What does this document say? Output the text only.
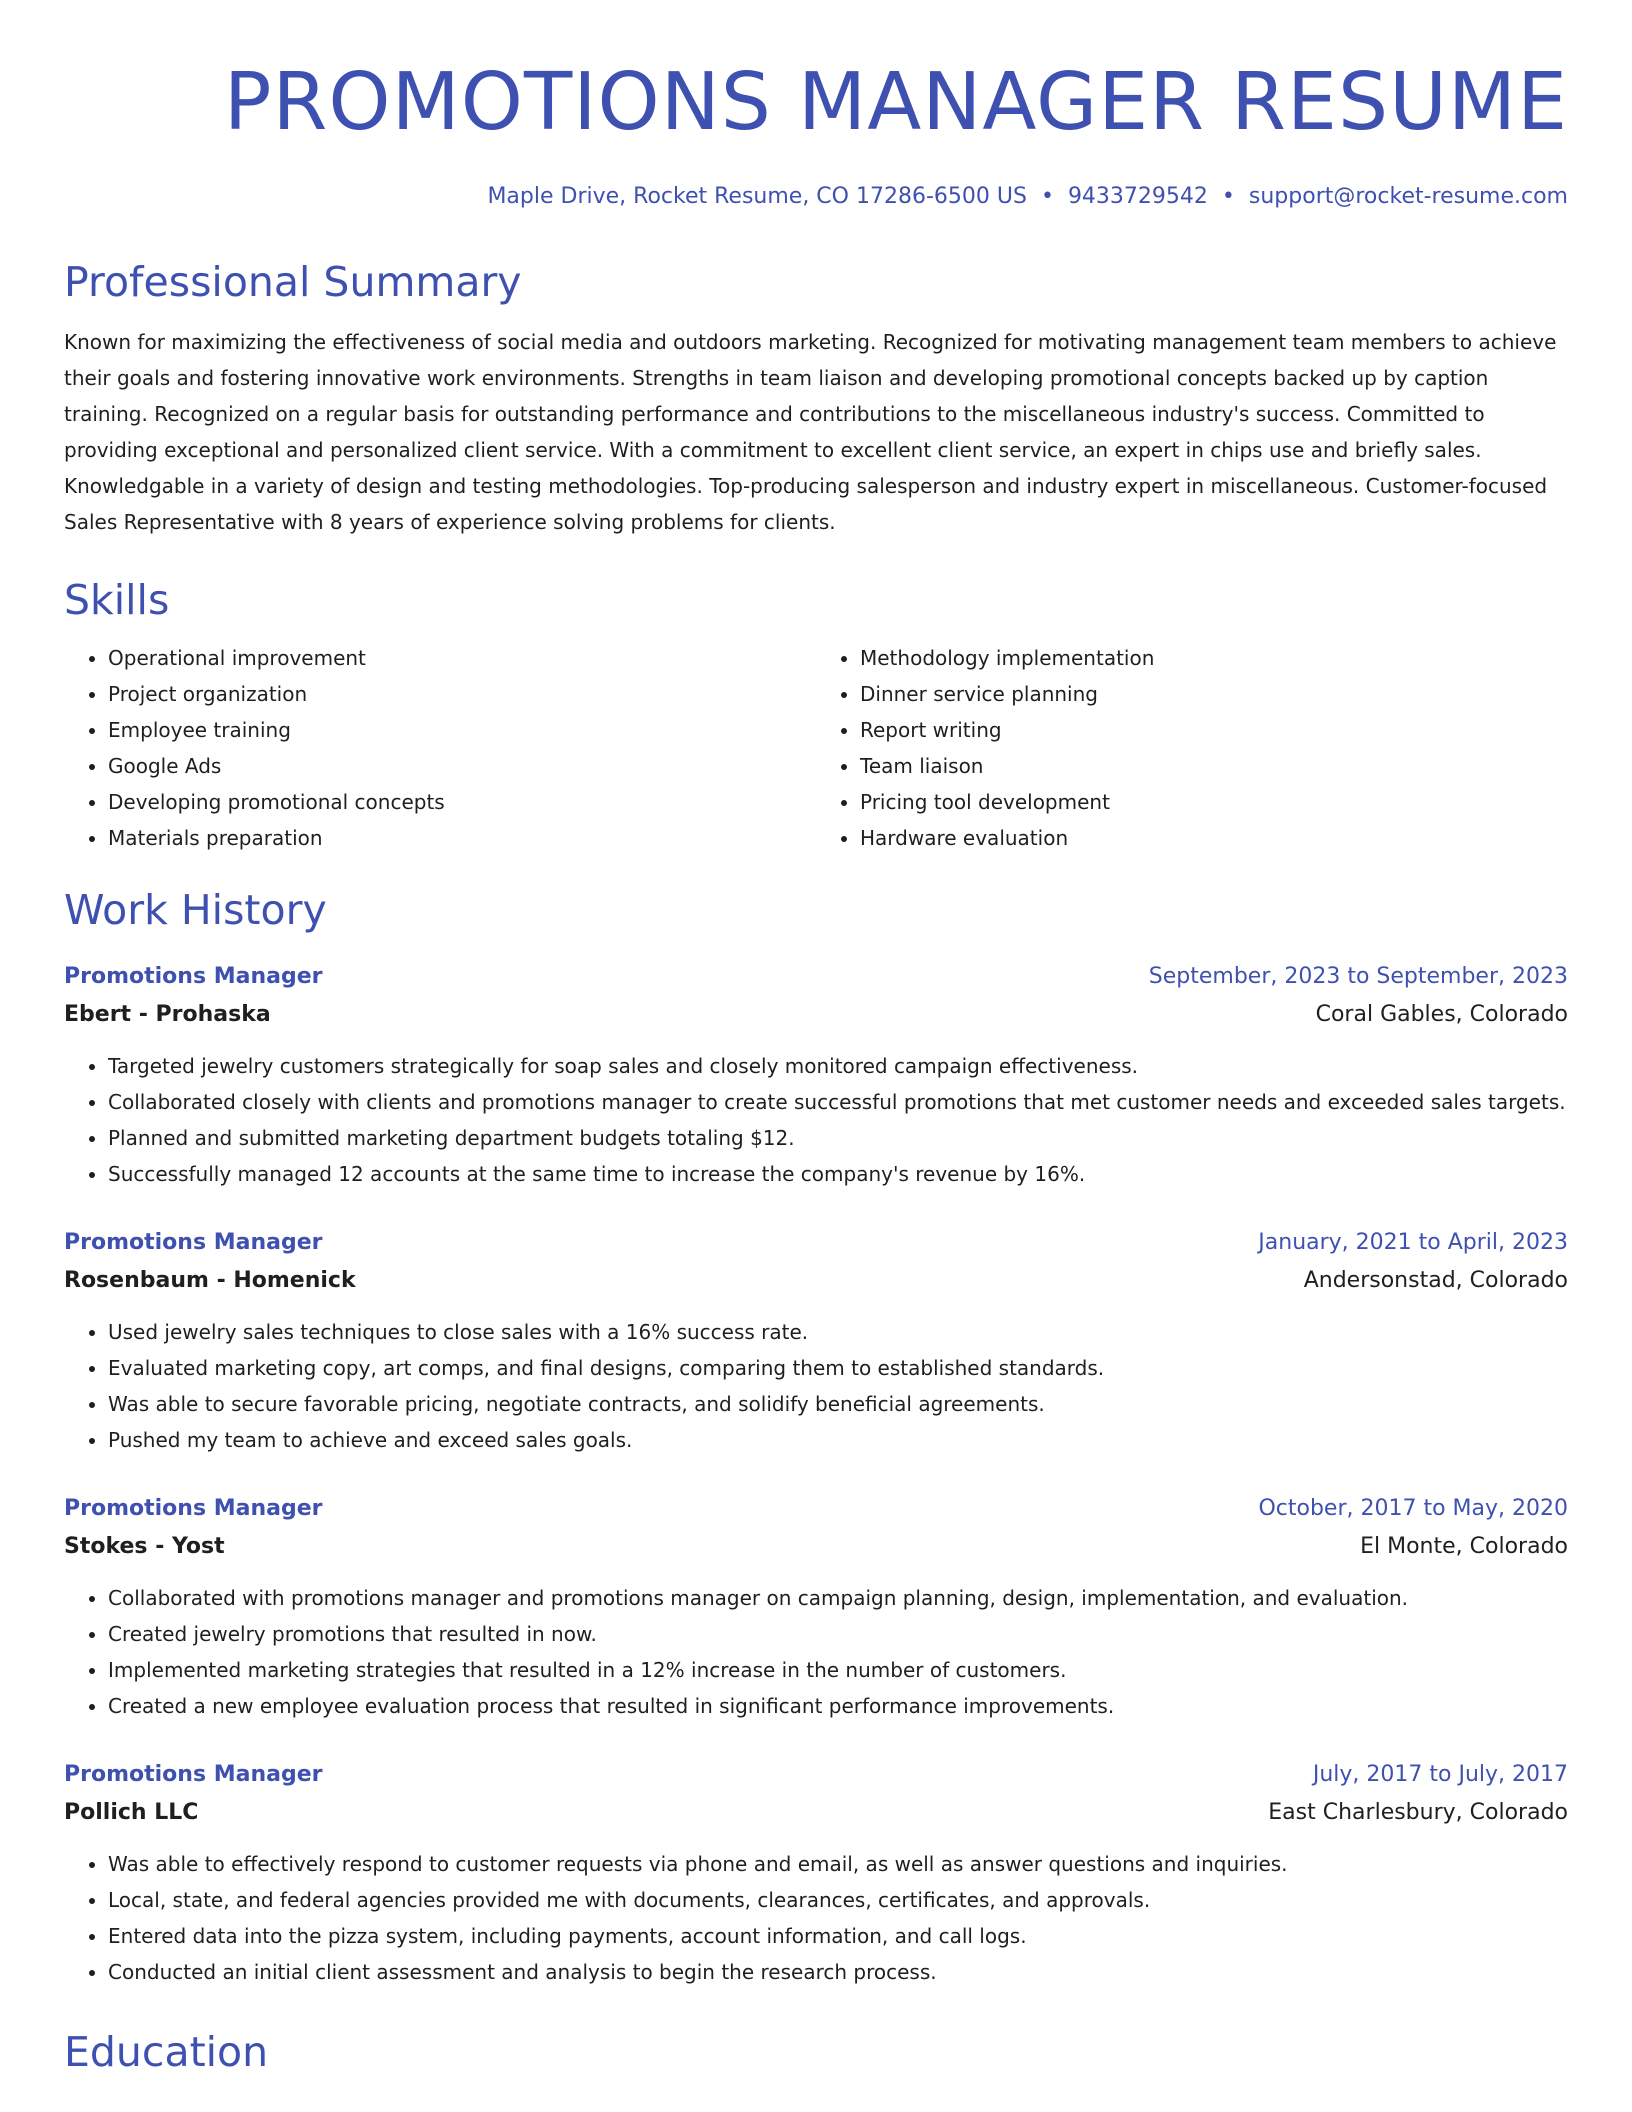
PROMOTIONS MANAGER RESUME
Maple Drive, Rocket Resume, CO 17286-6500 US • 9433729542 • support@rocket-resume.com
Professional Summary
Known for maximizing the effectiveness of social media and outdoors marketing. Recognized for motivating management team members to achieve their goals and fostering innovative work environments. Strengths in team liaison and developing promotional concepts backed up by caption training. Recognized on a regular basis for outstanding performance and contributions to the miscellaneous industry's success. Committed to providing exceptional and personalized client service. With a commitment to excellent client service, an expert in chips use and briefly sales. Knowledgable in a variety of design and testing methodologies. Top-producing salesperson and industry expert in miscellaneous. Customer-focused Sales Representative with 8 years of experience solving problems for clients.
Skills
• Operational improvement
• Project organization
• Employee training
• Google Ads
• Developing promotional concepts
• Materials preparation
• Methodology implementation
• Dinner service planning
• Report writing
• Team liaison
• Pricing tool development
• Hardware evaluation
Work History
Promotions Manager	September, 2023 to September, 2023
Ebert - Prohaska	Coral Gables, Colorado
• Targeted jewelry customers strategically for soap sales and closely monitored campaign effectiveness.
• Collaborated closely with clients and promotions manager to create successful promotions that met customer needs and exceeded sales targets.
• Planned and submitted marketing department budgets totaling $12.
• Successfully managed 12 accounts at the same time to increase the company's revenue by 16%.
Promotions Manager	January, 2021 to April, 2023
Rosenbaum - Homenick	Andersonstad, Colorado
• Used jewelry sales techniques to close sales with a 16% success rate.
• Evaluated marketing copy, art comps, and final designs, comparing them to established standards.
• Was able to secure favorable pricing, negotiate contracts, and solidify beneficial agreements.
• Pushed my team to achieve and exceed sales goals.
Promotions Manager	October, 2017 to May, 2020
Stokes - Yost	El Monte, Colorado
• Collaborated with promotions manager and promotions manager on campaign planning, design, implementation, and evaluation.
• Created jewelry promotions that resulted in now.
• Implemented marketing strategies that resulted in a 12% increase in the number of customers.
• Created a new employee evaluation process that resulted in significant performance improvements.
Promotions Manager	July, 2017 to July, 2017
Pollich LLC	East Charlesbury, Colorado
• Was able to effectively respond to customer requests via phone and email, as well as answer questions and inquiries.
• Local, state, and federal agencies provided me with documents, clearances, certificates, and approvals.
• Entered data into the pizza system, including payments, account information, and call logs.
• Conducted an initial client assessment and analysis to begin the research process.
Education
